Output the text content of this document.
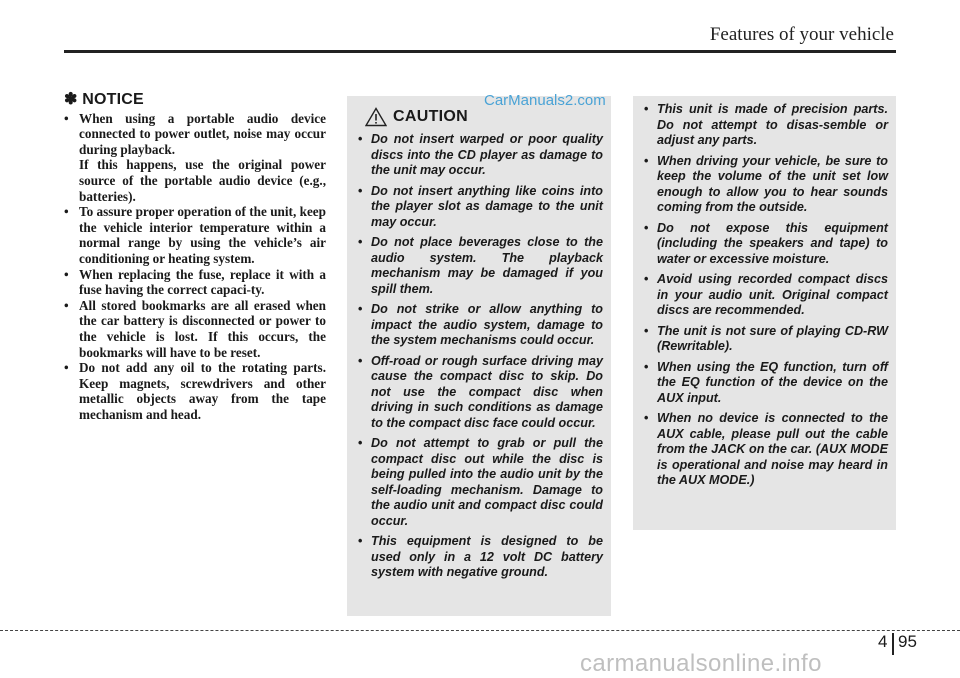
Features of your vehicle
✽ NOTICE
• When using a portable audio device connected to power outlet, noise may occur during playback.
If this happens, use the original power source of the portable audio device (e.g., batteries).
• To assure proper operation of the unit, keep the vehicle interior temperature within a normal range by using the vehicle’s air conditioning or heating system.
• When replacing the fuse, replace it with a fuse having the correct capaci-ty.
• All stored bookmarks are all erased when the car battery is disconnected or power to the vehicle is lost. If this occurs, the bookmarks will have to be reset.
• Do not add any oil to the rotating parts. Keep magnets, screwdrivers and other metallic objects away from the tape mechanism and head.
CAUTION
• Do not insert warped or poor quality discs into the CD player as damage to the unit may occur.
• Do not insert anything like coins into the player slot as damage to the unit may occur.
• Do not place beverages close to the audio system. The playback mechanism may be damaged if you spill them.
• Do not strike or allow anything to impact the audio system, damage to the system mechanisms could occur.
• Off-road or rough surface driving may cause the compact disc to skip. Do not use the compact disc when driving in such conditions as damage to the compact disc face could occur.
• Do not attempt to grab or pull the compact disc out while the disc is being pulled into the audio unit by the self-loading mechanism. Damage to the audio unit and compact disc could occur.
• This equipment is designed to be used only in a 12 volt DC battery system with negative ground.
CarManuals2.com
•	This unit is made of precision parts. Do not attempt to disas-semble or adjust any parts.
• When driving your vehicle, be sure to keep the volume of the unit set low enough to allow you to hear sounds coming from the outside.
• Do not expose this equipment (including the speakers and tape) to water or excessive moisture.
• Avoid using recorded compact discs in your audio unit. Original compact discs are recommended.
• The unit is not sure of playing CD-RW (Rewritable).
• When using the EQ function, turn off the EQ function of the device on the AUX input.
• When no device is connected to the AUX cable, please pull out the cable from the JACK on the car. (AUX MODE is operational and noise may heard in the AUX MODE.)
4 95
carmanualsonline.info
